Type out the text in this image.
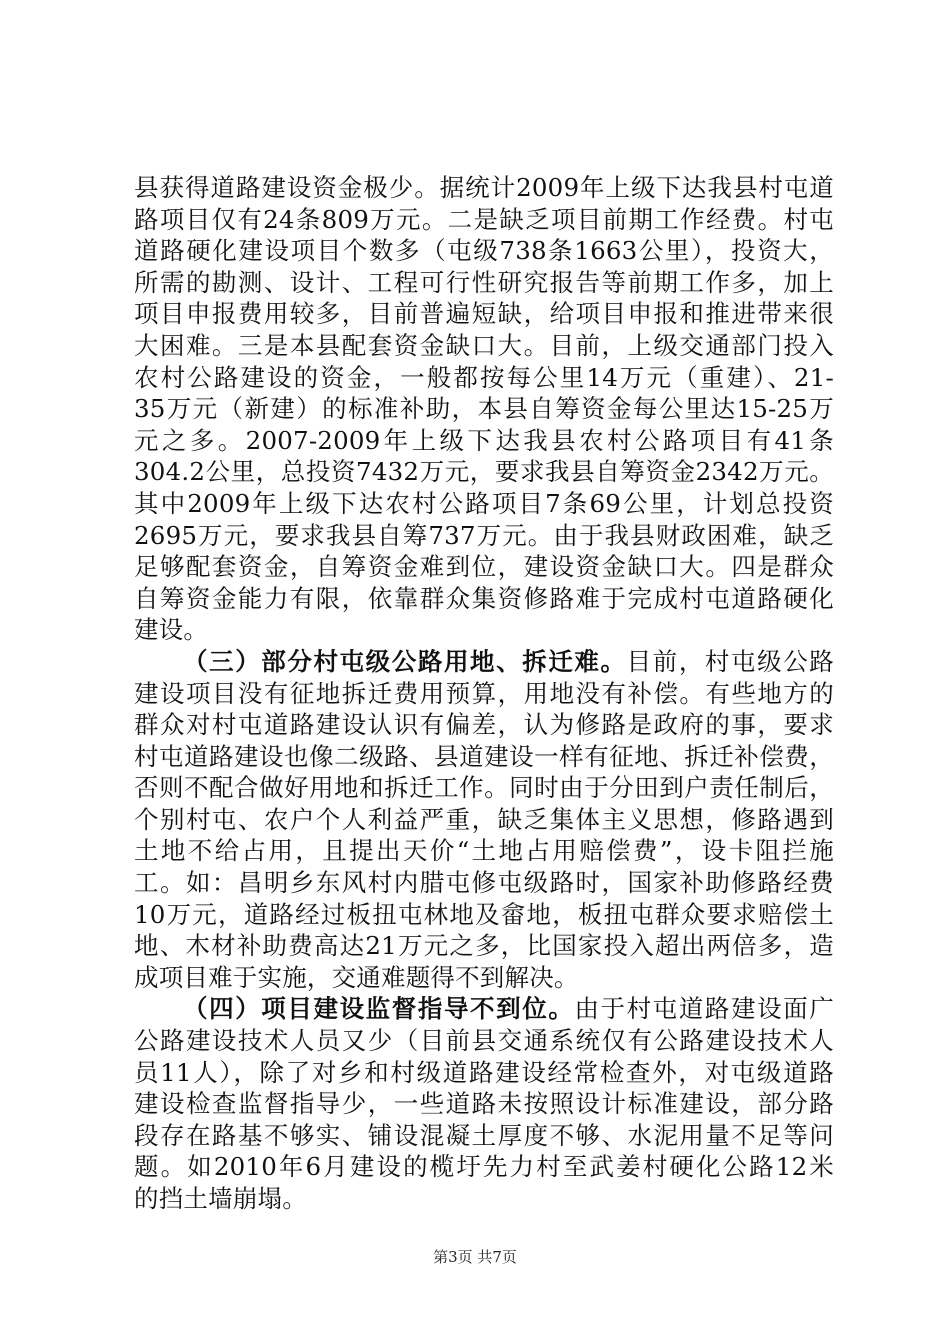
县获得道路建设资金极少。据统计2009年上级下达我县村屯道
路项目仅有24条809万元。二是缺乏项目前期工作经费。村屯
道路硬化建设项目个数多（屯级738条1663公里），投资大，
所需的勘测、设计、工程可行性研究报告等前期工作多，加上
项目申报费用较多，目前普遍短缺，给项目申报和推进带来很
大困难。三是本县配套资金缺口大。目前，上级交通部门投入
农村公路建设的资金，一般都按每公里14万元（重建）、21-
35万元（新建）的标准补助，本县自筹资金每公里达15-25万
元之多。2007-2009年上级下达我县农村公路项目有41条
304.2公里，总投资7432万元，要求我县自筹资金2342万元。
其中2009年上级下达农村公路项目7条69公里，计划总投资
2695万元，要求我县自筹737万元。由于我县财政困难，缺乏
足够配套资金，自筹资金难到位，建设资金缺口大。四是群众
自筹资金能力有限，依靠群众集资修路难于完成村屯道路硬化
建设。
（三）部分村屯级公路用地、拆迁难。目前，村屯级公路
建设项目没有征地拆迁费用预算，用地没有补偿。有些地方的
群众对村屯道路建设认识有偏差，认为修路是政府的事，要求
村屯道路建设也像二级路、县道建设一样有征地、拆迁补偿费，
否则不配合做好用地和拆迁工作。同时由于分田到户责任制后，
个别村屯、农户个人利益严重，缺乏集体主义思想，修路遇到
土地不给占用，且提出天价“土地占用赔偿费”，设卡阻拦施
工。如：昌明乡东风村内腊屯修屯级路时，国家补助修路经费
10万元，道路经过板扭屯林地及畲地，板扭屯群众要求赔偿土
地、木材补助费高达21万元之多，比国家投入超出两倍多，造
成项目难于实施，交通难题得不到解决。
（四）项目建设监督指导不到位。由于村屯道路建设面广
公路建设技术人员又少（目前县交通系统仅有公路建设技术人
员11人），除了对乡和村级道路建设经常检查外，对屯级道路
建设检查监督指导少，一些道路未按照设计标准建设，部分路
段存在路基不够实、铺设混凝土厚度不够、水泥用量不足等问
题。如2010年6月建设的榄圩先力村至武姜村硬化公路12米
的挡土墙崩塌。
第3页 共7页
